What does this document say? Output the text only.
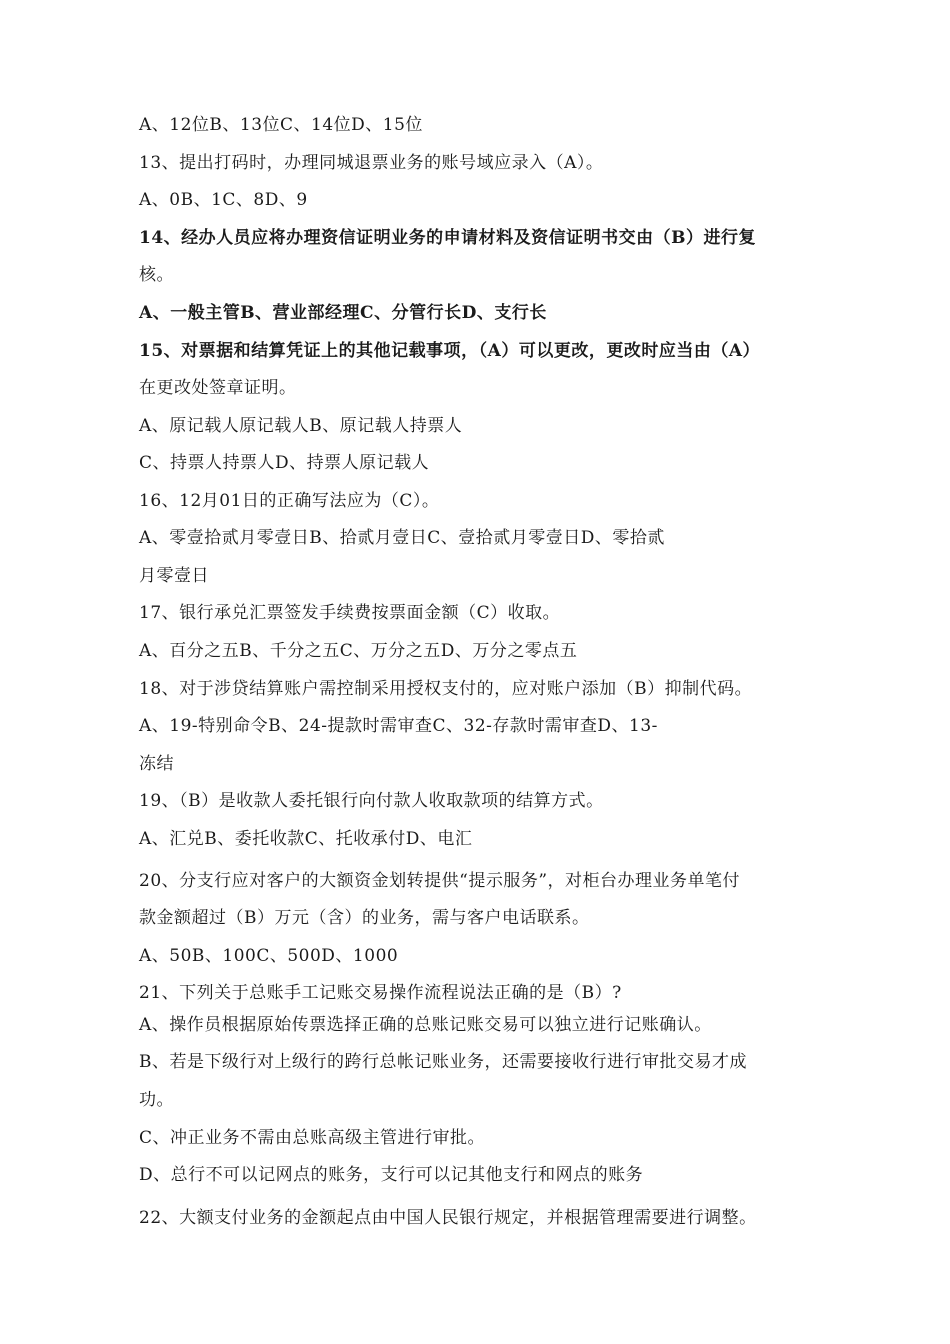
A、12位B、13位C、14位D、15位
13、提出打码时，办理同城退票业务的账号域应录入（A）。
A、0B、1C、8D、9
14、经办人员应将办理资信证明业务的申请材料及资信证明书交由（B）进行复
核。
A、一般主管B、营业部经理C、分管行长D、支行长
15、对票据和结算凭证上的其他记载事项，（A）可以更改，更改时应当由（A）
在更改处签章证明。
A、原记载人原记载人B、原记载人持票人
C、持票人持票人D、持票人原记载人
16、12月01日的正确写法应为（C）。
A、零壹拾贰月零壹日B、拾贰月壹日C、壹拾贰月零壹日D、零拾贰
月零壹日
17、银行承兑汇票签发手续费按票面金额（C）收取。
A、百分之五B、千分之五C、万分之五D、万分之零点五
18、对于涉贷结算账户需控制采用授权支付的，应对账户添加（B）抑制代码。
A、19-特别命令B、24-提款时需审查C、32-存款时需审查D、13-
冻结
19、（B）是收款人委托银行向付款人收取款项的结算方式。
A、汇兑B、委托收款C、托收承付D、电汇
20、分支行应对客户的大额资金划转提供“提示服务”，对柜台办理业务单笔付
款金额超过（B）万元（含）的业务，需与客户电话联系。
A、50B、100C、500D、1000
21、下列关于总账手工记账交易操作流程说法正确的是（B）?
A、操作员根据原始传票选择正确的总账记账交易可以独立进行记账确认。
B、若是下级行对上级行的跨行总帐记账业务，还需要接收行进行审批交易才成
功。
C、冲正业务不需由总账高级主管进行审批。
D、总行不可以记网点的账务，支行可以记其他支行和网点的账务
22、大额支付业务的金额起点由中国人民银行规定，并根据管理需要进行调整。
